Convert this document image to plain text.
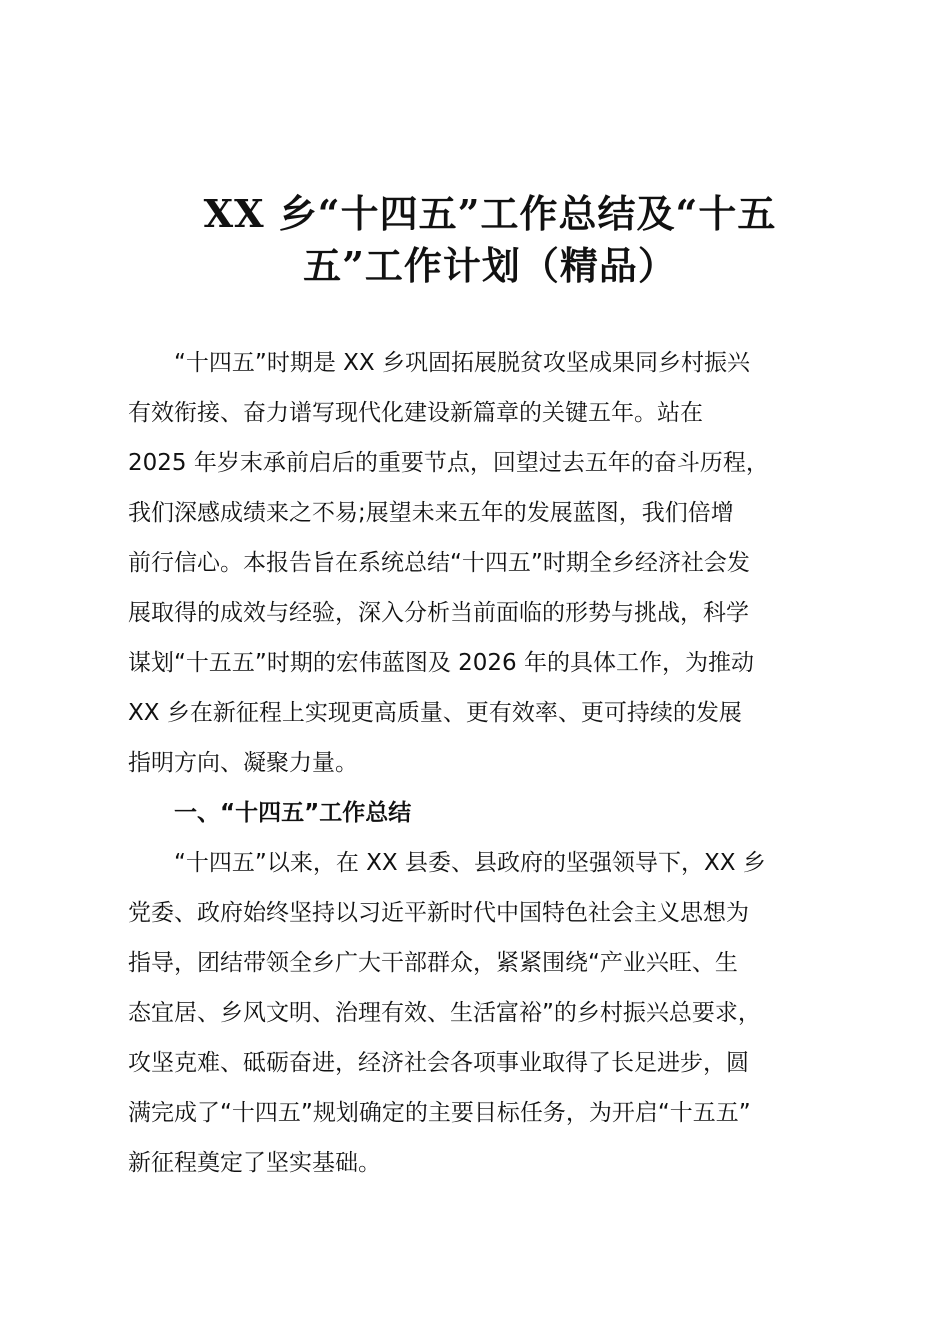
XX 乡“十四五”工作总结及“十五
五”工作计划（精品）

“十四五”时期是 XX 乡巩固拓展脱贫攻坚成果同乡村振兴
有效衔接、奋力谱写现代化建设新篇章的关键五年。站在
2025 年岁末承前启后的重要节点，回望过去五年的奋斗历程，
我们深感成绩来之不易;展望未来五年的发展蓝图，我们倍增
前行信心。本报告旨在系统总结“十四五”时期全乡经济社会发
展取得的成效与经验，深入分析当前面临的形势与挑战，科学
谋划“十五五”时期的宏伟蓝图及 2026 年的具体工作，为推动
XX 乡在新征程上实现更高质量、更有效率、更可持续的发展
指明方向、凝聚力量。

一、“十四五”工作总结

“十四五”以来，在 XX 县委、县政府的坚强领导下，XX 乡
党委、政府始终坚持以习近平新时代中国特色社会主义思想为
指导，团结带领全乡广大干部群众，紧紧围绕“产业兴旺、生
态宜居、乡风文明、治理有效、生活富裕”的乡村振兴总要求，
攻坚克难、砥砺奋进，经济社会各项事业取得了长足进步，圆
满完成了“十四五”规划确定的主要目标任务，为开启“十五五”
新征程奠定了坚实基础。
